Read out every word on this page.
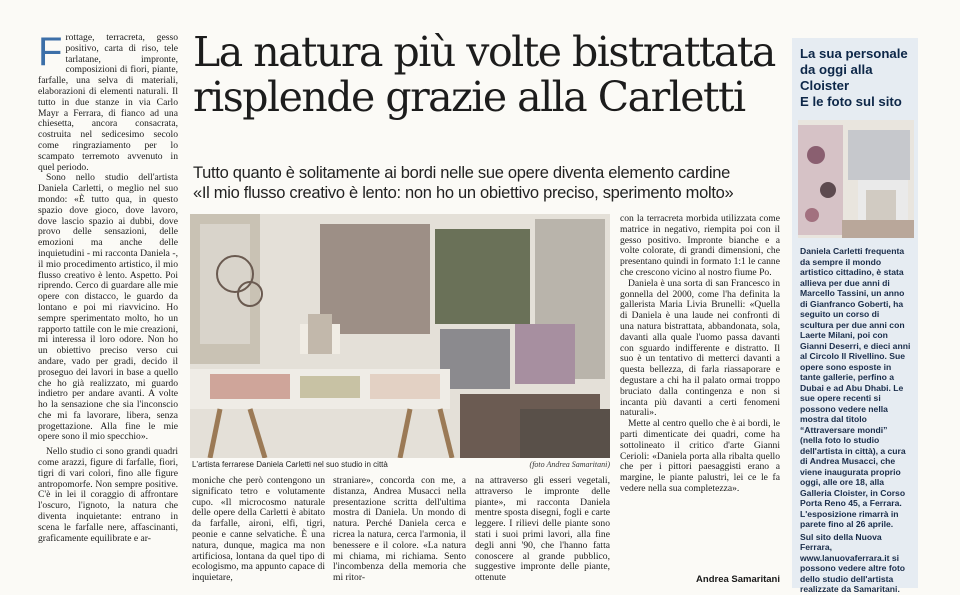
Frottage, terracreta, gesso positivo, carta di riso, tele tarlatane, impronte, composizioni di fiori, piante, farfalle, una selva di materiali, elaborazioni di elementi naturali. Il tutto in due stanze in via Carlo Mayr a Ferrara, di fianco ad una chiesetta, ancora consacrata, costruita nel sedicesimo secolo come ringraziamento per lo scampato terremoto avvenuto in quel periodo.

Sono nello studio dell'artista Daniela Carletti, o meglio nel suo mondo: «È tutto qua, in questo spazio dove gioco, dove lavoro, dove lascio spazio ai dubbi, dove provo delle sensazioni, delle emozioni ma anche delle inquietudini - mi racconta Daniela -, il mio procedimento artistico, il mio flusso creativo è lento. Aspetto. Poi riprendo. Cerco di guardare alle mie opere con distacco, le guardo da lontano e poi mi riavvicino. Ho sempre sperimentato molto, ho un rapporto tattile con le mie creazioni, mi interessa il loro odore. Non ho un obiettivo preciso verso cui andare, vado per gradi, decido il proseguo dei lavori in base a quello che ho già realizzato, mi guardo indietro per andare avanti. A volte ho la sensazione che sia l'inconscio che mi fa lavorare, libera, senza progettazione. Alla fine le mie opere sono il mio specchio».

Nello studio ci sono grandi quadri come arazzi, figure di farfalle, fiori, tigri di vari colori, fino alle figure antropomorfe. Non sempre positive. C'è in lei il coraggio di affrontare l'oscuro, l'ignoto, la natura che diventa inquietante: entrano in scena le farfalle nere, affascinanti, graficamente equilibrate e ar-

La natura più volte bistrattata
risplende grazie alla Carletti
Tutto quanto è solitamente ai bordi nelle sue opere diventa elemento cardine
«Il mio flusso creativo è lento: non ho un obiettivo preciso, sperimento molto»
L'artista ferrarese Daniela Carletti nel suo studio in città	(foto Andrea Samaritani)

moniche che però contengono un significato tetro e volutamente cupo. «Il microcosmo naturale delle opere della Carletti è abitato da farfalle, aironi, elfi, tigri, peonie e canne selvatiche. È una natura, dunque, magica ma non artificiosa, lontana da quel tipo di ecologismo, ma appunto capace di inquietare,

straniare», concorda con me, a distanza, Andrea Musacci nella presentazione scritta dell'ultima mostra di Daniela. Un mondo di natura. Perché Daniela cerca e ricrea la natura, cerca l'armonia, il benessere e il colore. «La natura mi chiama, mi richiama. Sento l'incombenza della memoria che mi ritor-

na attraverso gli esseri vegetali, attraverso le impronte delle piante», mi racconta Daniela mentre sposta disegni, fogli e carte leggere. I rilievi delle piante sono stati i suoi primi lavori, alla fine degli anni '90, che l'hanno fatta conoscere al grande pubblico, suggestive impronte delle piante, ottenute

con la terracreta morbida utilizzata come matrice in negativo, riempita poi con il gesso positivo. Impronte bianche e a volte colorate, di grandi dimensioni, che presentano quindi in formato 1:1 le canne che crescono vicino al nostro fiume Po.

Daniela è una sorta di san Francesco in gonnella del 2000, come l'ha definita la gallerista Maria Livia Brunelli: «Quella di Daniela è una laude nei confronti di una natura bistrattata, abbandonata, sola, davanti alla quale l'uomo passa davanti con sguardo indifferente e distratto. Il suo è un tentativo di metterci davanti a questa bellezza, di farla riassaporare e degustare a chi ha il palato ormai troppo bruciato dalla contingenza e non si incanta più davanti a certi fenomeni naturali».

Mette al centro quello che è ai bordi, le parti dimenticate dei quadri, come ha sottolineato il critico d'arte Gianni Cerioli: «Daniela porta alla ribalta quello che per i pittori paesaggisti erano a margine, le piante palustri, lei ce le fa vedere nella sua completezza».

Andrea Samaritani
La sua personale
da oggi alla Cloister
E le foto sul sito
Daniela Carletti frequenta da sempre il mondo artistico cittadino, è stata allieva per due anni di Marcello Tassini, un anno di Gianfranco Goberti, ha seguito un corso di scultura per due anni con Laerte Milani, poi con Gianni Deserri, e dieci anni al Circolo Il Rivellino. Sue opere sono esposte in tante gallerie, perfino a Dubai e ad Abu Dhabi. Le sue opere recenti si possono vedere nella mostra dal titolo “Attraversare mondi” (nella foto lo studio dell'artista in città), a cura di Andrea Musacci, che viene inaugurata proprio oggi, alle ore 18, alla Galleria Cloister, in Corso Porta Reno 45, a Ferrara. L'esposizione rimarrà in parete fino al 26 aprile.
Sul sito della Nuova Ferrara, www.lanuovaferrara.it si possono vedere altre foto dello studio dell'artista realizzate da Samaritani.
